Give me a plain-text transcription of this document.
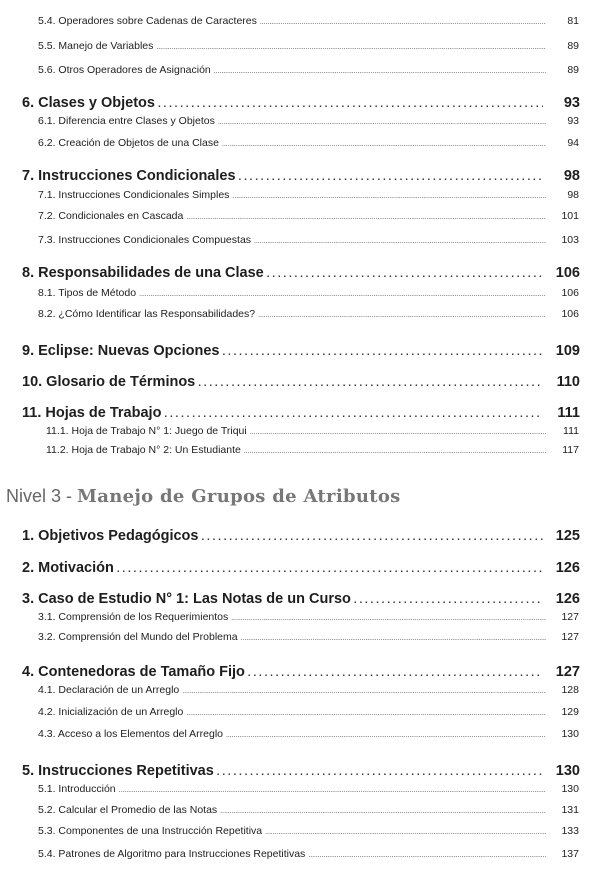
5.4. Operadores sobre Cadenas de Caracteres . . .	81
5.5. Manejo de Variables . . .	89
5.6. Otros Operadores de Asignación . . .	89
6. Clases y Objetos . . .	93
6.1. Diferencia entre Clases y Objetos . . .	93
6.2. Creación de Objetos de una Clase . . .	94
7. Instrucciones Condicionales . . .	98
7.1. Instrucciones Condicionales Simples . . .	98
7.2. Condicionales en Cascada . . .	101
7.3. Instrucciones Condicionales Compuestas . . .	103
8. Responsabilidades de una Clase . . .	106
8.1. Tipos de Método . . .	106
8.2. ¿Cómo Identificar las Responsabilidades? . . .	106
9. Eclipse: Nuevas Opciones . . .	109
10. Glosario de Términos . . .	110
11. Hojas de Trabajo . . .	111
11.1. Hoja de Trabajo N° 1: Juego de Triqui . . .	111
11.2. Hoja de Trabajo N° 2: Un Estudiante . . .	117
1. Objetivos Pedagógicos . . .	125
2. Motivación . . .	126
3. Caso de Estudio N° 1: Las Notas de un Curso . . .	126
3.1. Comprensión de los Requerimientos . . .	127
3.2. Comprensión del Mundo del Problema . . .	127
4. Contenedoras de Tamaño Fijo . . .	127
4.1. Declaración de un Arreglo . . .	128
4.2. Inicialización de un Arreglo . . .	129
4.3. Acceso a los Elementos del Arreglo . . .	130
5. Instrucciones Repetitivas . . .	130
5.1. Introducción . . .	130
5.2. Calcular el Promedio de las Notas . . .	131
5.3. Componentes de una Instrucción Repetitiva . . .	133
5.4. Patrones de Algoritmo para Instrucciones Repetitivas . . .	137
Nivel 3 - Manejo de Grupos de Atributos
